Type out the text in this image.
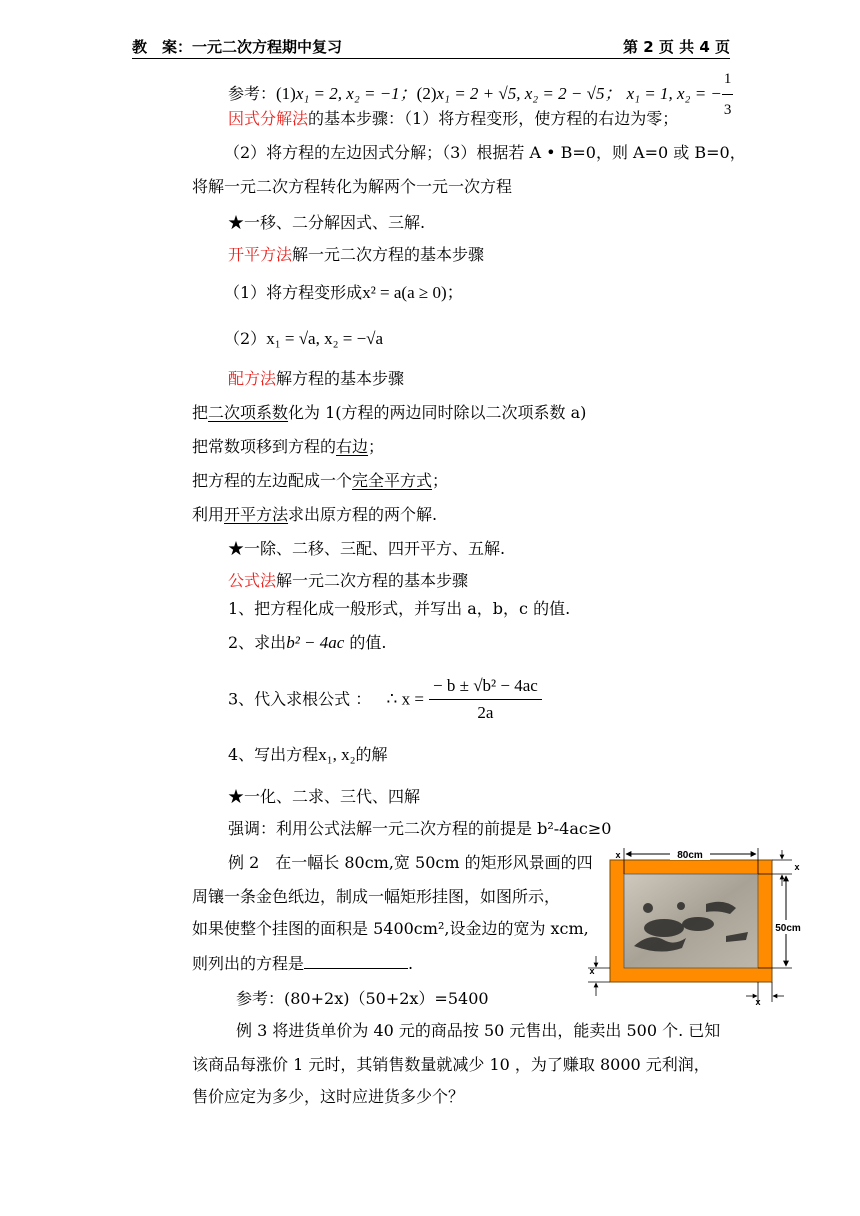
教　案：一元二次方程期中复习	第 2 页 共 4 页
参考：(1)x₁ = 2, x₂ = −1；(2)x₁ = 2 + √5, x₂ = 2 − √5； x₁ = 1, x₂ = − $\frac{1}{3}$
因式分解法的基本步骤：（1）将方程变形，使方程的右边为零；
（2）将方程的左边因式分解；（3）根据若 A • B=0，则 A=0 或 B=0，
将解一元二次方程转化为解两个一元一次方程
★一移、二分解因式、三解.
开平方法解一元二次方程的基本步骤
（1）将方程变形成x² = a(a ≥ 0)；
（2）x₁ = √a, x₂ = −√a
配方法解方程的基本步骤
把二次项系数化为 1(方程的两边同时除以二次项系数 a)
把常数项移到方程的右边；
把方程的左边配成一个完全平方式；
利用开平方法求出原方程的两个解.
★一除、二移、三配、四开平方、五解.
公式法解一元二次方程的基本步骤
1、把方程化成一般形式，并写出 a，b，c 的值.
2、求出b² − 4ac 的值.
3、代入求根公式 ： ∴ $x = \frac{\text{− b ± √b² − 4ac}}{2a}$
4、写出方程x₁, x₂的解
★一化、二求、三代、四解
强调：利用公式法解一元二次方程的前提是 b²-4ac≥0
例 2　在一幅长 80cm,宽 50cm 的矩形风景画的四
周镶一条金色纸边，制成一幅矩形挂图，如图所示，
如果使整个挂图的面积是 5400cm²,设金边的宽为 xcm,
则列出的方程是	.
参考：(80+2x)（50+2x）=5400
80cm
x
50cm
x
x
x
例 3 将进货单价为 40 元的商品按 50 元售出，能卖出 500 个. 已知
该商品每涨价 1 元时，其销售数量就减少 10 ，为了赚取 8000 元利润，
售价应定为多少，这时应进货多少个？
